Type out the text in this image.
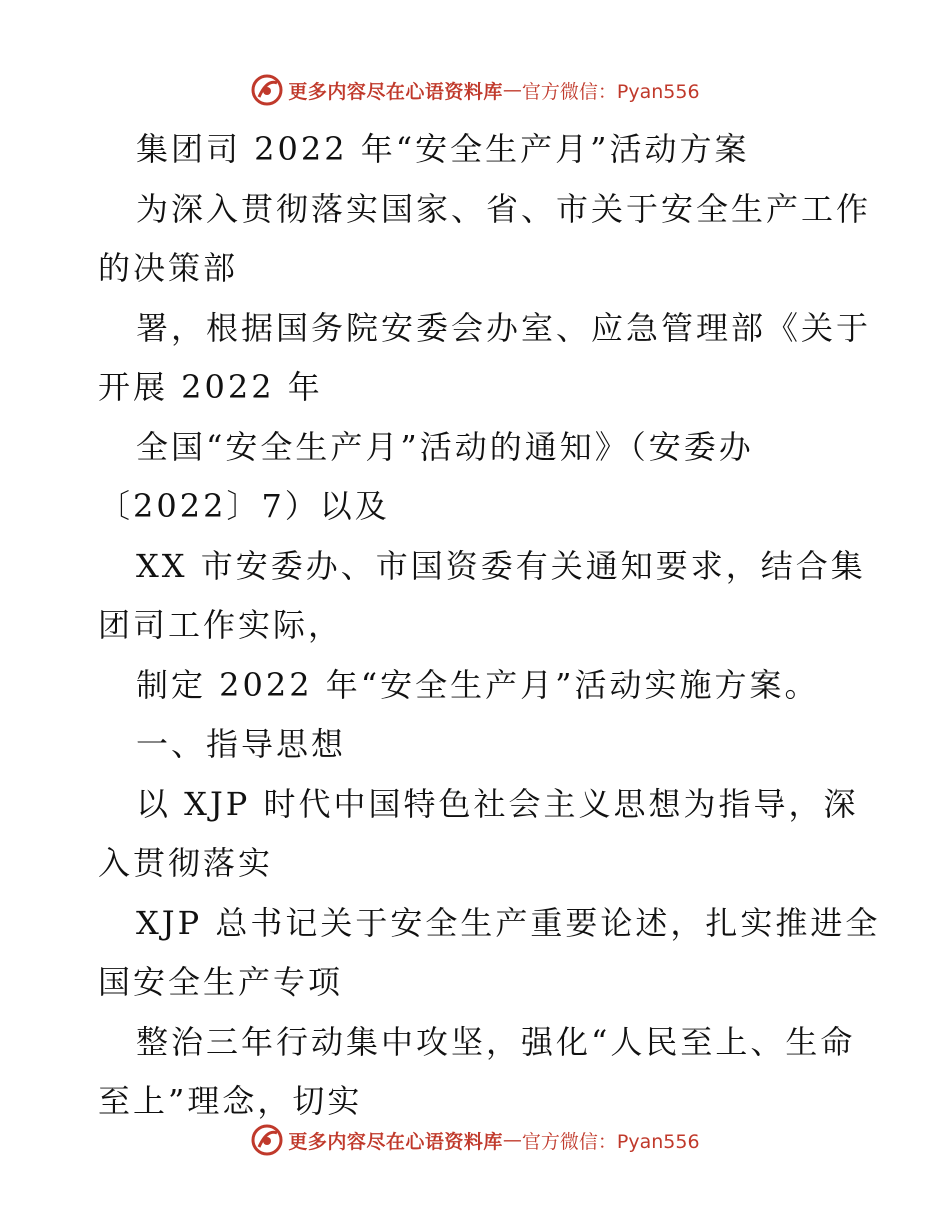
更多内容尽在心语资料库 — 官方微信：Pyan556
集团司 2022 年“安全生产月”活动方案
为深入贯彻落实国家、省、市关于安全生产工作
的决策部
署，根据国务院安委会办室、应急管理部《关于
开展 2022 年
全国“安全生产月”活动的通知》（安委办
〔2022〕7）以及
XX 市安委办、市国资委有关通知要求，结合集
团司工作实际，
制定 2022 年“安全生产月”活动实施方案。
一、指导思想
以 XJP 时代中国特色社会主义思想为指导，深
入贯彻落实
XJP 总书记关于安全生产重要论述，扎实推进全
国安全生产专项
整治三年行动集中攻坚，强化“人民至上、生命
至上”理念，切实
更多内容尽在心语资料库 — 官方微信：Pyan556
